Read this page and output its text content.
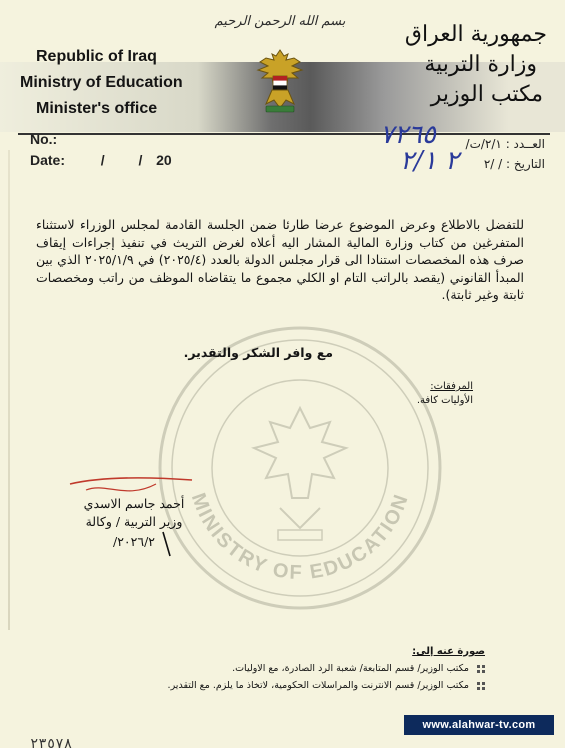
بسم الله الرحمن الرحيم
Republic of Iraq
Ministry of Education
Minister's office
جمهورية العراق
وزارة التربية
مكتب الوزير
No.:
Date:	/ / 20
العــدد : ٢/١/ت/
التاريخ : / /٢
٧٢٦٥
٢ ٢/١
MINISTRY OF EDUCATION
للتفضل بالاطلاع وعرض الموضوع عرضا طارئا ضمن الجلسة القادمة لمجلس الوزراء لاستثناء المتفرغين من كتاب وزارة المالية المشار اليه أعلاه لغرض التريث في تنفيذ إجراءات إيقاف صرف هذه المخصصات استنادا الى قرار مجلس الدولة بالعدد (٢٠٢٥/٤) في ٢٠٢٥/١/٩ الذي بين المبدأ القانوني (يقصد بالراتب التام او الكلي مجموع ما يتقاضاه الموظف من راتب ومخصصات ثابتة وغير ثابتة).
مع وافر الشكر والتقدير.
المرفقات:
الأوليات كافة.
أحمد جاسم الاسدي
وزير التربية / وكالة
٢٠٢٦/٢/
صورة عنه إلى:
مكتب الوزير/ قسم المتابعة/ شعبة الرد الصادرة، مع الاوليات.
مكتب الوزير/ قسم الانترنت والمراسلات الحكومية، لاتخاذ ما يلزم. مع التقدير.
www.alahwar-tv.com
٢٣٥٧٨
